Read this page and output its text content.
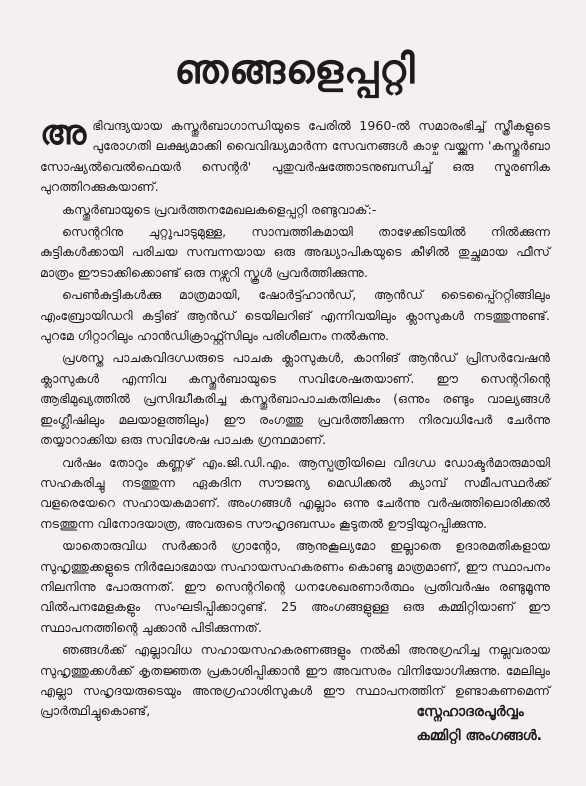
ഞങ്ങളെപ്പറ്റി

അഭിവന്ദ്യയായ കസ്തൂർബാഗാന്ധിയുടെ പേരിൽ 1960-ൽ സമാരംഭിച്ച് സ്ത്രീകളുടെ പുരോഗതി ലക്ഷ്യമാക്കി വൈവിദ്ധ്യമാർന്ന സേവനങ്ങൾ കാഴ്ച വയ്ക്കുന്ന 'കസ്തൂർബാ സോഷ്യൽവെൽഫെയർ സെന്റർ' പുതുവർഷത്തോടനുബന്ധിച്ച് ഒരു സ്മരണിക പുറത്തിറക്കുകയാണ്.

കസ്തൂർബായുടെ പ്രവർത്തനമേഖലകളെപ്പറ്റി രണ്ടുവാക്:-

സെന്ററിനു ചുറ്റുപാടുമുള്ള, സാമ്പത്തികമായി താഴേക്കിടയിൽ നിൽക്കുന്ന കുട്ടികൾക്കായി പരിചയ സമ്പന്നയായ ഒരു അദ്ധ്യാപികയുടെ കീഴിൽ തുച്ഛമായ ഫീസ് മാത്രം ഈടാക്കിക്കൊണ്ട് ഒരു നഴ്സറി സ്കൂൾ പ്രവർത്തിക്കുന്നു.

പെൺകുട്ടികൾക്കു മാത്രമായി, ഷോർട്ട്ഹാൻഡ്, ആൻഡ് ടൈപ്പ്റൈറ്റിങ്ങിലും എംബ്രോയിഡറി കട്ടിങ് ആൻഡ് ടെയിലറിങ് എന്നിവയിലും ക്ലാസുകൾ നടത്തുന്നുണ്ട്. പുറമേ ഗിറ്റാറിലും ഹാൻഡിക്രാഫ്റ്റ്സിലും പരിശീലനം നൽകുന്നു.

പ്രശസ്ത പാചകവിദഗ്ധരുടെ പാചക ക്ലാസുകൾ, കാനിങ് ആൻഡ് പ്രിസർവേഷൻ ക്ലാസുകൾ എന്നിവ കസ്തൂർബായുടെ സവിശേഷതയാണ്. ഈ സെന്ററിന്റെ ആഭിമുഖ്യത്തിൽ പ്രസിദ്ധീകരിച്ച കസ്തൂർബാപാചകതിലകം (ഒന്നും രണ്ടും വാല്യങ്ങൾ ഇംഗ്ലീഷിലും മലയാളത്തിലും) ഈ രംഗത്തു പ്രവർത്തിക്കുന്ന നിരവധിപേർ ചേർന്നു തയ്യാറാക്കിയ ഒരു സവിശേഷ പാചക ഗ്രന്ഥമാണ്.

വർഷം തോറും കണ്ണഴ് എം.ജി.ഡി.എം. ആസ്പത്രിയിലെ വിദഗ്ധ ഡോക്ടർമാരുമായി സഹകരിച്ചു നടത്തുന്ന ഏകദിന സൗജന്യ മെഡിക്കൽ ക്യാമ്പ് സമീപസ്ഥർക്ക് വളരെയേറെ സഹായകമാണ്. അംഗങ്ങൾ എല്ലാം ഒന്നു ചേർന്നു വർഷത്തിലൊരിക്കൽ നടത്തുന്ന വിനോദയാത്ര, അവരുടെ സൗഹൃദബന്ധം കൂടുതൽ ഊട്ടിയുറപ്പിക്കുന്നു.

യാതൊരുവിധ സർക്കാർ ഗ്രാന്റോ, ആനുകൂല്യമോ ഇല്ലാതെ ഉദാരമതികളായ സുഹൃത്തുക്കളുടെ നിർലോഭമായ സഹായസഹകരണം കൊണ്ടു മാത്രമാണ്, ഈ സ്ഥാപനം നിലനിന്നു പോരുന്നത്. ഈ സെന്ററിന്റെ ധനശേഖരണാർത്ഥം പ്രതിവർഷം രണ്ടുമൂന്നു വിൽപനമേളകളും സംഘടിപ്പിക്കാറുണ്ട്. 25 അംഗങ്ങളുള്ള ഒരു കമ്മിറ്റിയാണ് ഈ സ്ഥാപനത്തിന്റെ ചുക്കാൻ പിടിക്കുന്നത്.

ഞങ്ങൾക്ക് എല്ലാവിധ സഹായസഹകരണങ്ങളും നൽകി അനുഗ്രഹിച്ച നല്ലവരായ സുഹൃത്തുക്കൾക്ക് കൃതജ്ഞത പ്രകാശിപ്പിക്കാൻ ഈ അവസരം വിനിയോഗിക്കുന്നു. മേലിലും എല്ലാ സഹൃദയരുടെയും അനുഗ്രഹാശിസുകൾ ഈ സ്ഥാപനത്തിന് ഉണ്ടാകണമെന്ന് പ്രാർത്ഥിച്ചുകൊണ്ട്,	സ്നേഹാദരപൂർവ്വം
കമ്മിറ്റി അംഗങ്ങൾ.
